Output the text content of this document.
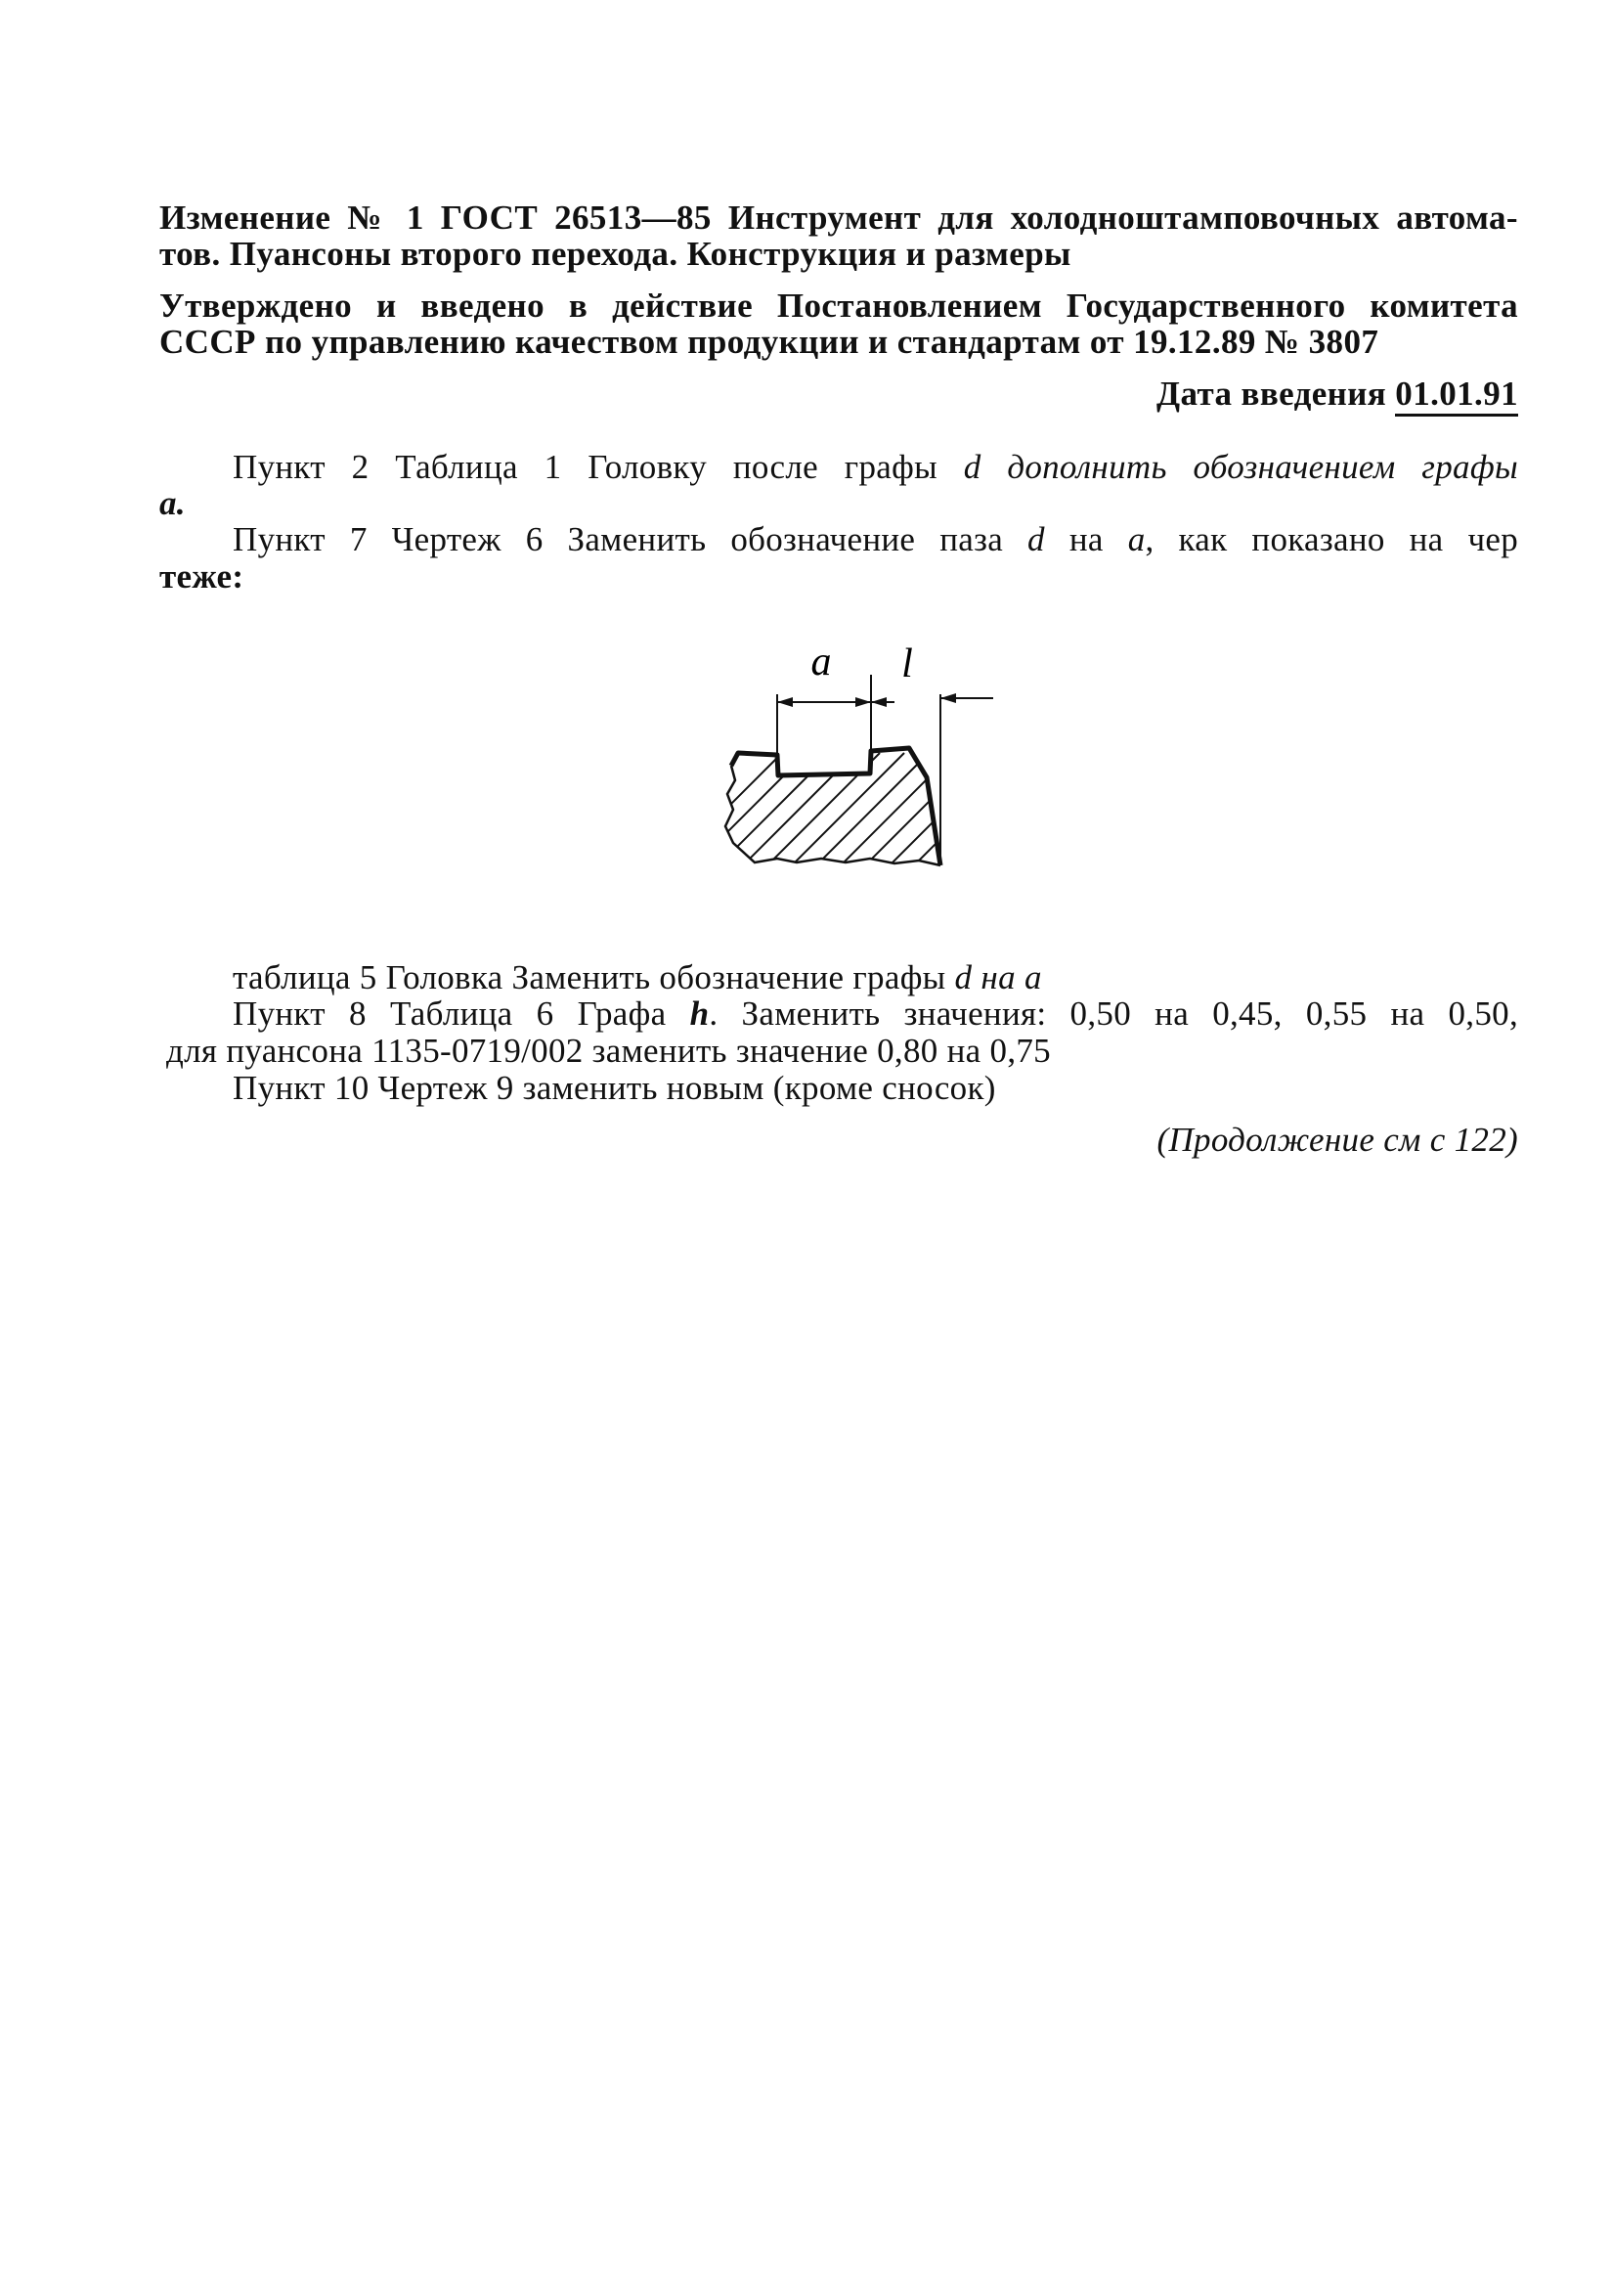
Изменение № 1 ГОСТ 26513—85 Инструмент для холодноштамповочных автома-
тов. Пуансоны второго перехода. Конструкция и размеры
Утверждено и введено в действие Постановлением Государственного комитета
СССР по управлению качеством продукции и стандартам от 19.12.89 № 3807
Дата введения 01.01.91
Пункт 2 Таблица 1 Головку после графы d дополнить обозначением графы
a.
Пункт 7 Чертеж 6 Заменить обозначение паза d на a, как показано на чер
теже:
a l
таблица 5 Головка Заменить обозначение графы d на a
Пункт 8 Таблица 6 Графа h. Заменить значения: 0,50 на 0,45, 0,55 на 0,50,
для пуансона 1135-0719/002 заменить значение 0,80 на 0,75
Пункт 10 Чертеж 9 заменить новым (кроме сносок)
(Продолжение см с 122)
